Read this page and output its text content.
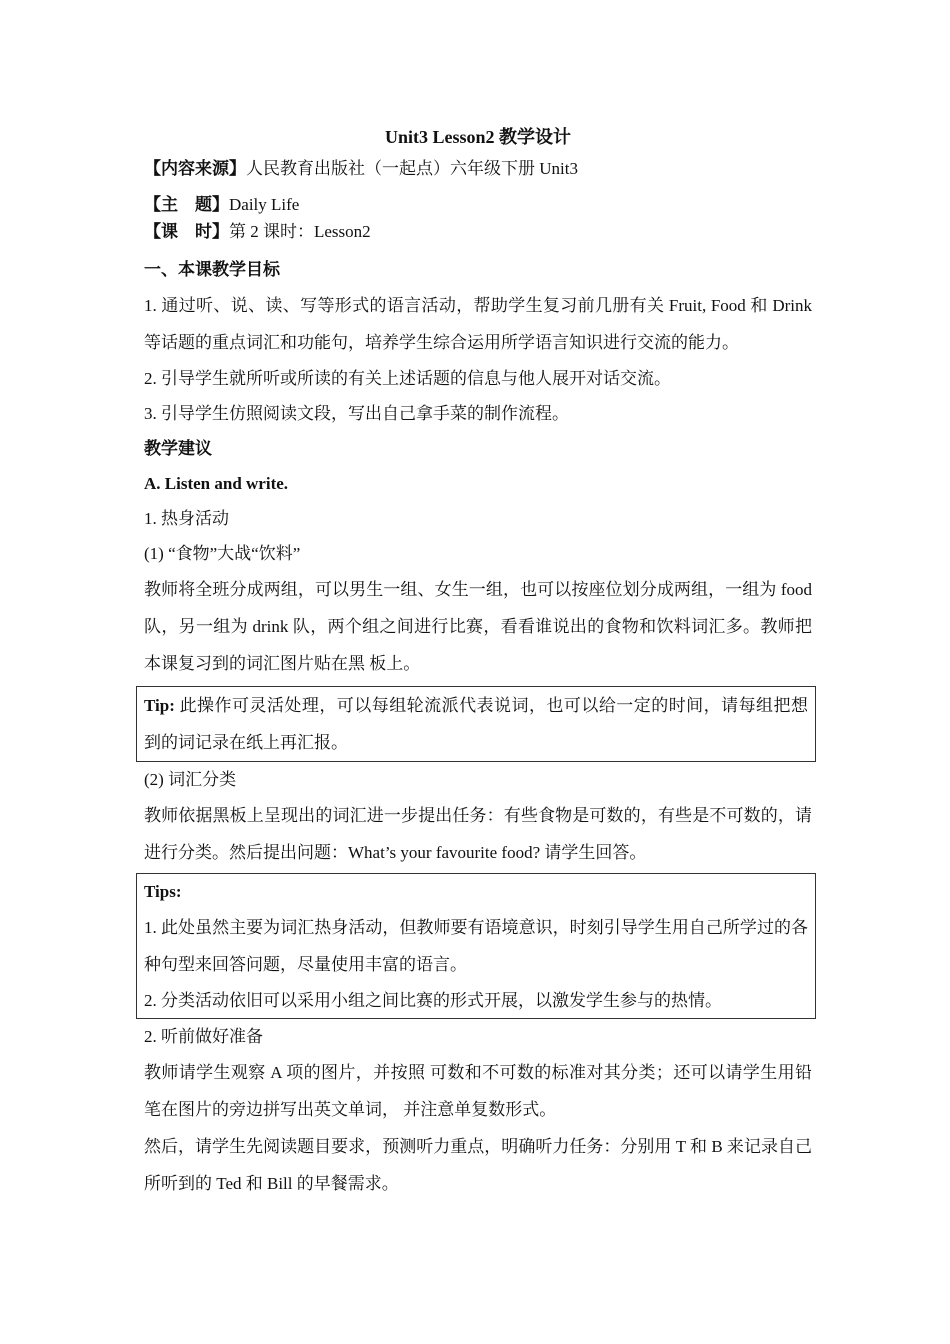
Unit3 Lesson2 教学设计

【内容来源】人民教育出版社（一起点）六年级下册 Unit3

【主　题】Daily Life

【课　时】第 2 课时：Lesson2

一、本课教学目标

1. 通过听、说、读、写等形式的语言活动，帮助学生复习前几册有关 Fruit, Food 和 Drink 等话题的重点词汇和功能句，培养学生综合运用所学语言知识进行交流的能力。

2. 引导学生就所听或所读的有关上述话题的信息与他人展开对话交流。

3. 引导学生仿照阅读文段，写出自己拿手菜的制作流程。

教学建议

A. Listen and write.

1. 热身活动

(1) “食物”大战“饮料”

教师将全班分成两组，可以男生一组、女生一组，也可以按座位划分成两组，一组为 food 队，另一组为 drink 队，两个组之间进行比赛，看看谁说出的食物和饮料词汇多。教师把本课复习到的词汇图片贴在黑 板上。

Tip: 此操作可灵活处理，可以每组轮流派代表说词，也可以给一定的时间，请每组把想到的词记录在纸上再汇报。

(2) 词汇分类

教师依据黑板上呈现出的词汇进一步提出任务：有些食物是可数的，有些是不可数的，请进行分类。然后提出问题：What’s your favourite food? 请学生回答。

Tips:

1. 此处虽然主要为词汇热身活动，但教师要有语境意识，时刻引导学生用自己所学过的各种句型来回答问题，尽量使用丰富的语言。

2. 分类活动依旧可以采用小组之间比赛的形式开展，以激发学生参与的热情。

2. 听前做好准备

教师请学生观察 A 项的图片，并按照 可数和不可数的标准对其分类；还可以请学生用铅笔在图片的旁边拼写出英文单词， 并注意单复数形式。

然后，请学生先阅读题目要求，预测听力重点，明确听力任务：分别用 T 和 B 来记录自己所听到的 Ted 和 Bill 的早餐需求。
